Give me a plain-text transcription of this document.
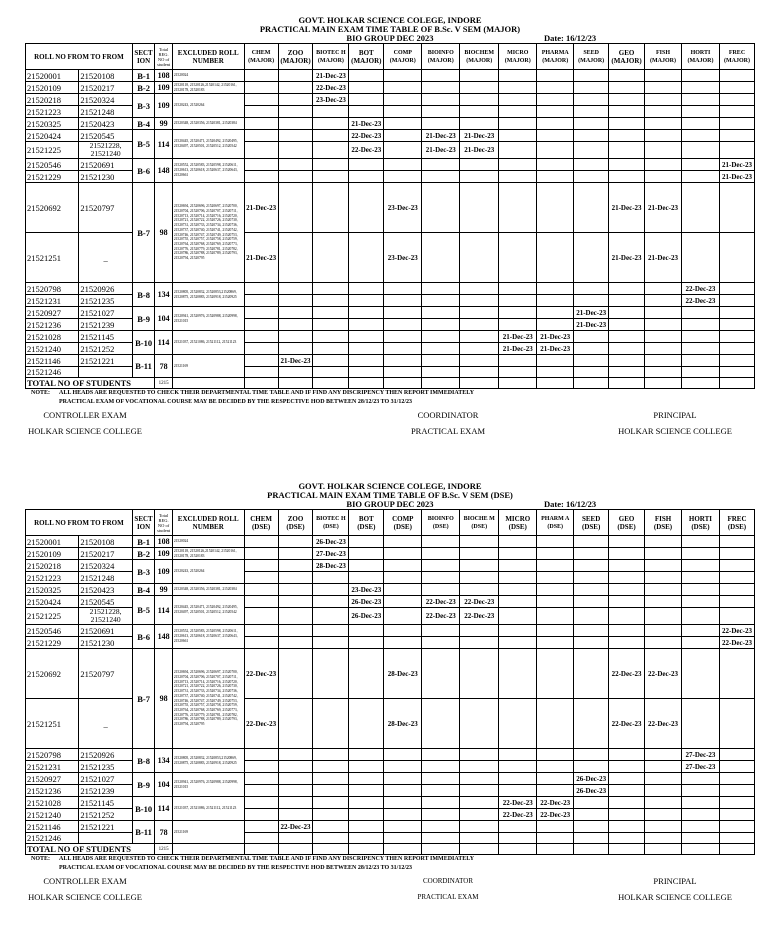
GOVT. HOLKAR SCIENCE COLEGE, INDORE
PRACTICAL MAIN EXAM TIME TABLE OF B.Sc. V SEM (MAJOR)
BIO GROUP DEC 2023	Date: 16/12/23
ROLL NO FROM TO FROM		SECT ION	Total REG. NO of student	EXCLUDED ROLL NUMBER	CHEM (MAJOR)	ZOO (MAJOR)	BIOTEC H (MAJOR)	BOT (MAJOR)	COMP (MAJOR)	BIOINFO (MAJOR)	BIOCHEM (MAJOR)	MICRO (MAJOR)	PHARMA (MAJOR)	SEED (MAJOR)	GEO (MAJOR)	FISH (MAJOR)	HORTI (MAJOR)	FREC (MAJOR)
21520001	21520108	B-1	108	21520024			21-Dec-23											
21520109	21520217	B-2	109	21520118, 21520126,21520142, 21520161, 21520178, 21520183			22-Dec-23											
21520218	21520324	B-3	109	21520243, 21520264			23-Dec-23											
21521223	21521248																	
21520325	21520423	B-4	99	21520348, 21520356, 21520381, 21520384				21-Dec-23										
21520424	21520545	B-5	114	21520445, 21520471, 21520492, 21520495, 21520497, 21520501, 21520512, 21520542				22-Dec-23		21-Dec-23	21-Dec-23							
21521225	21521228, 21521240							22-Dec-23		21-Dec-23	21-Dec-23							
21520546	21520691	B-6	148	21520552, 21520583, 21520598, 21520611, 21520613, 21520618, 21520637, 21520643, 21520661														21-Dec-23
21521229	21521230																	21-Dec-23
21520692	21520797	B-7	98	21520694, 21520696, 21520697, 21520700, 21520704, 21520706, 21520707, 21520711, 21520713, 21520714, 21520716, 21520720, 21520721, 21520722, 21520726, 21520730, 21520731, 21520733, 21520734, 21520736, 21520737, 21520740, 21520741, 21520742, 21520746, 21520747, 21520749, 21520753, 21520755, 21520757, 21520758, 21520759, 21520764, 21520768, 21520769, 21520773, 21520776, 21520779, 21520781, 21520782, 21520786, 21520788, 21520789, 21520793, 21520794, 21520795	21-Dec-23				23-Dec-23						21-Dec-23	21-Dec-23		
21521251	_				21-Dec-23				23-Dec-23						21-Dec-23	21-Dec-23		
21520798	21520926	B-8	134	21520805, 21520832, 21520853,21520869, 21520875, 21520883, 21520918, 21520925													22-Dec-23	
21521231	21521235																22-Dec-23	
21520927	21521027	B-9	104	21520941, 21520976, 21520988, 21520998, 21521015										21-Dec-23				
21521236	21521239													21-Dec-23				
21521028	21521145	B-10	114	21521037, 21521086, 21521112, 21521123								21-Dec-23	21-Dec-23					
21521240	21521252											21-Dec-23	21-Dec-23					
21521146	21521221	B-11	78	21521169		21-Dec-23												
21521246																		
TOTAL NO OF STUDENTS			1215															
NOTE: ALL HEADS ARE REQUESTED TO CHECK THEIR DEPARTMENTAL TIME TABLE AND IF FIND ANY DISCRIPENCY THEN REPORT IMMEDIATELY
PRACTICAL EXAM OF VOCATIONAL COURSE MAY BE DECIDED BY THE RESPECTIVE HOD BETWEEN 28/12/23 TO 31/12/23
CONTROLLER EXAM
HOLKAR SCIENCE COLLEGE
COORDINATOR
PRACTICAL EXAM
PRINCIPAL
HOLKAR SCIENCE COLLEGE
GOVT. HOLKAR SCIENCE COLEGE, INDORE
PRACTICAL MAIN EXAM TIME TABLE OF B.Sc. V SEM (DSE)
BIO GROUP DEC 2023	Date: 16/12/23
ROLL NO FROM TO FROM		SECT ION	Total REG. NO of student	EXCLUDED ROLL NUMBER	CHEM (DSE)	ZOO (DSE)	BIOTEC H (DSE)	BOT (DSE)	COMP (DSE)	BIOINFO (DSE)	BIOCHE M (DSE)	MICRO (DSE)	PHARM A (DSE)	SEED (DSE)	GEO (DSE)	FISH (DSE)	HORTI (DSE)	FREC (DSE)
21520001	21520108	B-1	108	21520024			26-Dec-23											
21520109	21520217	B-2	109	21520118, 21520126,21520142, 21520161, 21520178, 21520183			27-Dec-23											
21520218	21520324	B-3	109	21520243, 21520264			28-Dec-23											
21521223	21521248																	
21520325	21520423	B-4	99	21520348, 21520356, 21520381, 21520384				23-Dec-23										
21520424	21520545	B-5	114	21520445, 21520471, 21520492, 21520495, 21520497, 21520501, 21520512, 21520542				26-Dec-23		22-Dec-23	22-Dec-23							
21521225	21521228, 21521240							26-Dec-23		22-Dec-23	22-Dec-23							
21520546	21520691	B-6	148	21520552, 21520583, 21520598, 21520611, 21520613, 21520618, 21520637, 21520643, 21520661														22-Dec-23
21521229	21521230																	22-Dec-23
21520692	21520797	B-7	98	21520694, 21520696, 21520697, 21520700, 21520704, 21520706, 21520707, 21520711, 21520713, 21520714, 21520716, 21520720, 21520721, 21520722, 21520726, 21520730, 21520731, 21520733, 21520734, 21520736, 21520737, 21520740, 21520741, 21520742, 21520746, 21520747, 21520749, 21520753, 21520755, 21520757, 21520758, 21520759, 21520764, 21520768, 21520769, 21520773, 21520776, 21520779, 21520781, 21520782, 21520786, 21520788, 21520789, 21520793, 21520794, 21520795	22-Dec-23				28-Dec-23						22-Dec-23	22-Dec-23		
21521251	_				22-Dec-23				28-Dec-23						22-Dec-23	22-Dec-23		
21520798	21520926	B-8	134	21520805, 21520832, 21520853,21520869, 21520875, 21520883, 21520918, 21520925													27-Dec-23	
21521231	21521235																27-Dec-23	
21520927	21521027	B-9	104	21520941, 21520976, 21520988, 21520998, 21521015										26-Dec-23				
21521236	21521239													26-Dec-23				
21521028	21521145	B-10	114	21521037, 21521086, 21521112, 21521123								22-Dec-23	22-Dec-23					
21521240	21521252											22-Dec-23	22-Dec-23					
21521146	21521221	B-11	78	21521169		22-Dec-23												
21521246																		
TOTAL NO OF STUDENTS			1215															
NOTE: ALL HEADS ARE REQUESTED TO CHECK THEIR DEPARTMENTAL TIME TABLE AND IF FIND ANY DISCRIPENCY THEN REPORT IMMEDIATELY
PRACTICAL EXAM OF VOCATIONAL COURSE MAY BE DECIDED BY THE RESPECTIVE HOD BETWEEN 28/12/23 TO 31/12/23
CONTROLLER EXAM
HOLKAR SCIENCE COLLEGE
COORDINATOR
PRACTICAL EXAM
PRINCIPAL
HOLKAR SCIENCE COLLEGE
